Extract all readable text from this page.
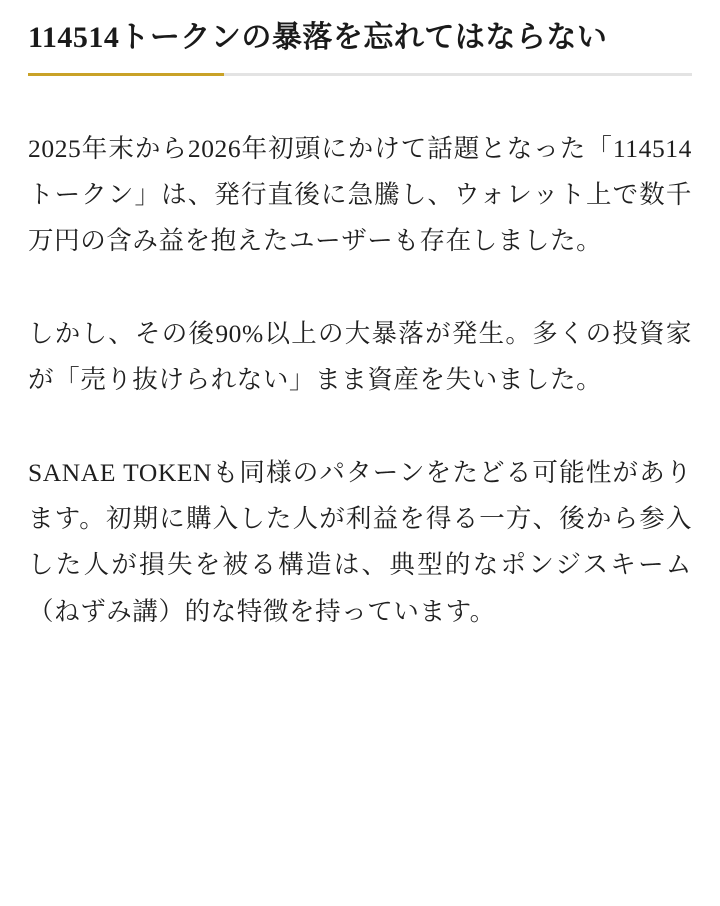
114514トークンの暴落を忘れてはならない

2025年末から2026年初頭にかけて話題となった「114514トークン」は、発行直後に急騰し、ウォレット上で数千万円の含み益を抱えたユーザーも存在しました。

しかし、その後90%以上の大暴落が発生。多くの投資家が「売り抜けられない」まま資産を失いました。

SANAE TOKENも同様のパターンをたどる可能性があります。初期に購入した人が利益を得る一方、後から参入した人が損失を被る構造は、典型的なポンジスキーム（ねずみ講）的な特徴を持っています。
